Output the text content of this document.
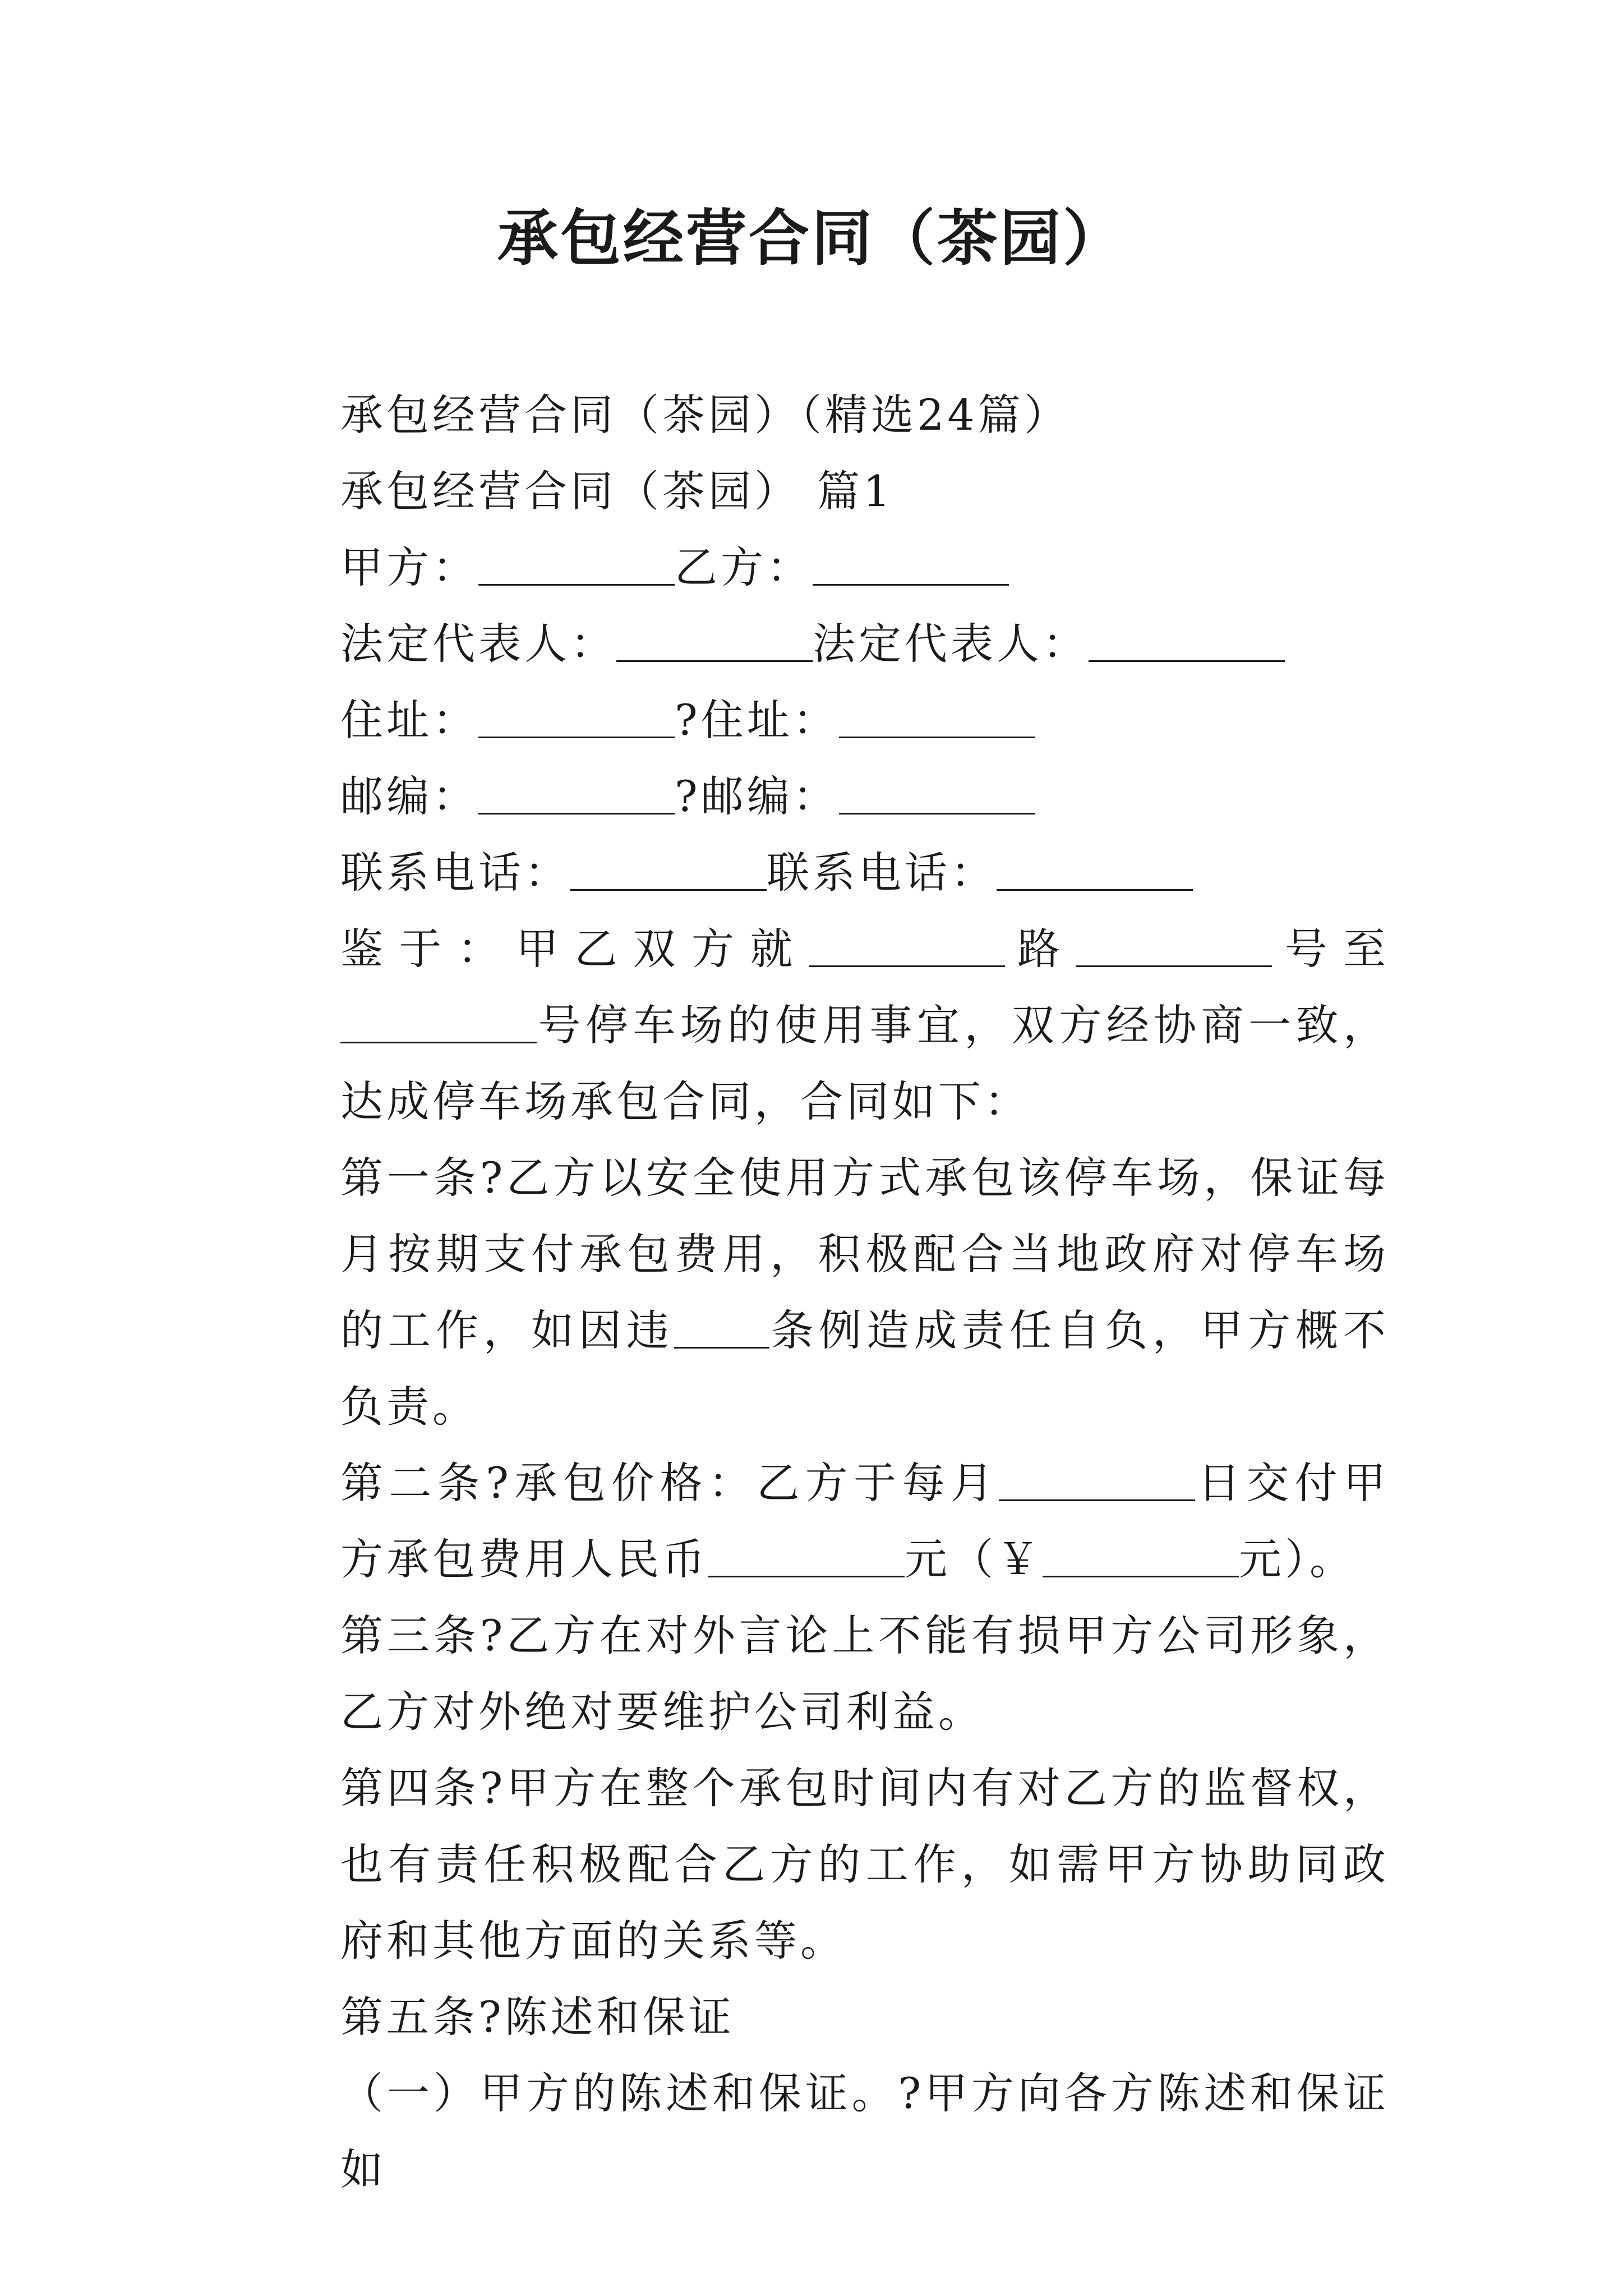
承包经营合同（茶园）

承包经营合同（茶园）（精选24篇）

承包经营合同（茶园） 篇1

甲方：	乙方：

法定代表人：	法定代表人：

住址：	?住址：

邮编：	?邮编：

联系电话：	联系电话：

鉴于：甲乙双方就	路	号至号停车场的使用事宜，双方经协商一致，达成停车场承包合同，合同如下：

第一条?乙方以安全使用方式承包该停车场，保证每月按期支付承包费用，积极配合当地政府对停车场的工作，如因违 条例造成责任自负，甲方概不负责。

第二条?承包价格：乙方于每月	日交付甲方承包费用人民币	元（￥	元）。

第三条?乙方在对外言论上不能有损甲方公司形象，乙方对外绝对要维护公司利益。

第四条?甲方在整个承包时间内有对乙方的监督权，也有责任积极配合乙方的工作，如需甲方协助同政府和其他方面的关系等。

第五条?陈述和保证

（一）甲方的陈述和保证。?甲方向各方陈述和保证如
